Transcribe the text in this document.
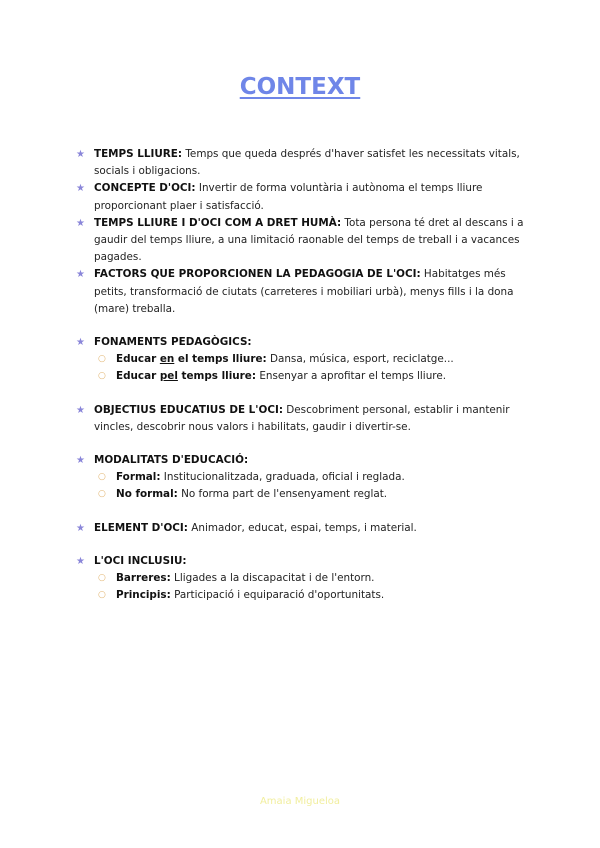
CONTEXT

★ TEMPS LLIURE: Temps que queda després d'haver satisfet les necessitats vitals, socials i obligacions.

★ CONCEPTE D'OCI: Invertir de forma voluntària i autònoma el temps lliure proporcionant plaer i satisfacció.

★ TEMPS LLIURE I D'OCI COM A DRET HUMÀ: Tota persona té dret al descans i a gaudir del temps lliure, a una limitació raonable del temps de treball i a vacances pagades.

★ FACTORS QUE PROPORCIONEN LA PEDAGOGIA DE L'OCI: Habitatges més petits, transformació de ciutats (carreteres i mobiliari urbà), menys fills i la dona (mare) treballa.

★ FONAMENTS PEDAGÒGICS:

○ Educar en el temps lliure: Dansa, música, esport, reciclatge...

○ Educar pel temps lliure: Ensenyar a aprofitar el temps lliure.

★ OBJECTIUS EDUCATIUS DE L'OCI: Descobriment personal, establir i mantenir vincles, descobrir nous valors i habilitats, gaudir i divertir-se.

★ MODALITATS D'EDUCACIÓ:

○ Formal: Institucionalitzada, graduada, oficial i reglada.

○ No formal: No forma part de l'ensenyament reglat.

★ ELEMENT D'OCI: Animador, educat, espai, temps, i material.

★ L'OCI INCLUSIU:

○ Barreres: Lligades a la discapacitat i de l'entorn.

○ Principis: Participació i equiparació d'oportunitats.

Amaia Migueloa
